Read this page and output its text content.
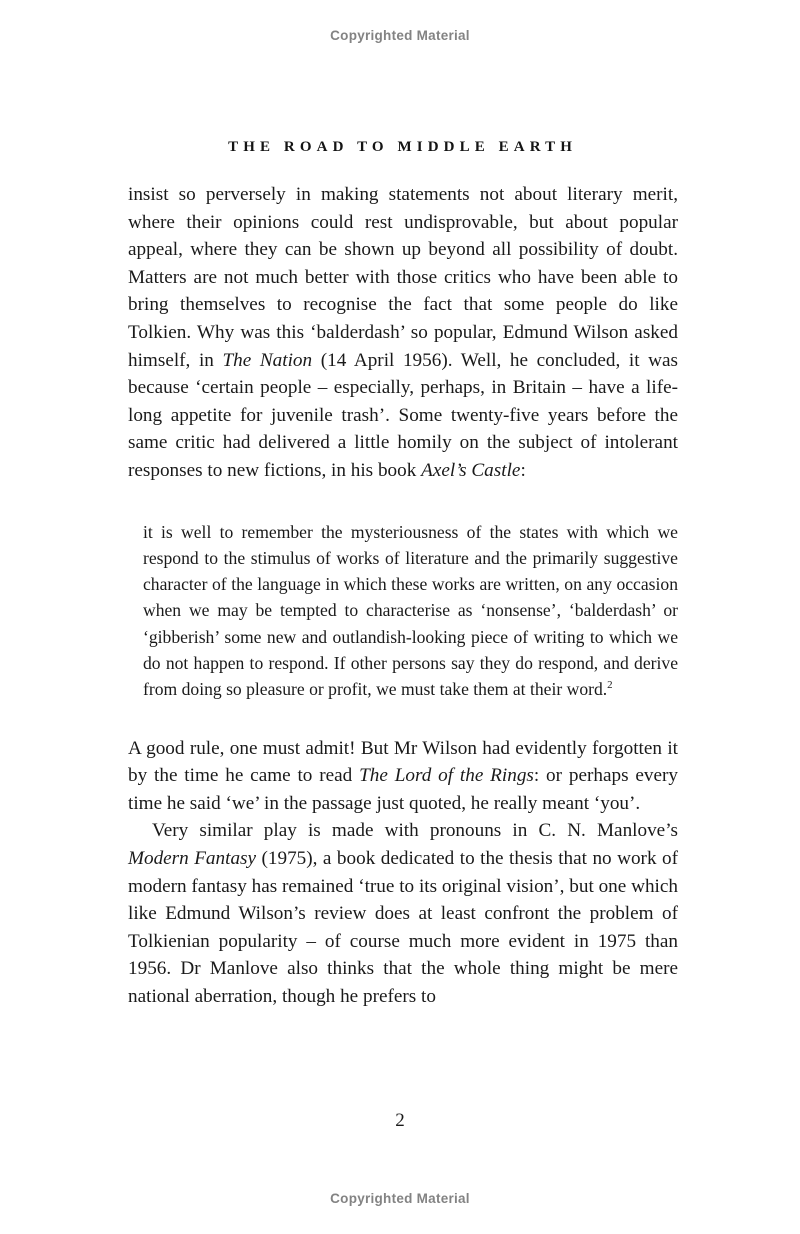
Copyrighted Material
THE ROAD TO MIDDLE EARTH

insist so perversely in making statements not about literary merit, where their opinions could rest undisprovable, but about popular appeal, where they can be shown up beyond all possibility of doubt. Matters are not much better with those critics who have been able to bring themselves to recognise the fact that some people do like Tolkien. Why was this ‘balderdash’ so popular, Edmund Wilson asked himself, in The Nation (14 April 1956). Well, he concluded, it was because ‘certain people – especially, perhaps, in Britain – have a life-long appetite for juvenile trash’. Some twenty-five years before the same critic had delivered a little homily on the subject of intolerant responses to new fictions, in his book Axel’s Castle:

it is well to remember the mysteriousness of the states with which we respond to the stimulus of works of literature and the primarily suggestive character of the language in which these works are written, on any occasion when we may be tempted to characterise as ‘nonsense’, ‘balderdash’ or ‘gibberish’ some new and outlandish-looking piece of writing to which we do not happen to respond. If other persons say they do respond, and derive from doing so pleasure or profit, we must take them at their word.$^2$

A good rule, one must admit! But Mr Wilson had evidently forgotten it by the time he came to read The Lord of the Rings: or perhaps every time he said ‘we’ in the passage just quoted, he really meant ‘you’.

Very similar play is made with pronouns in C. N. Manlove’s Modern Fantasy (1975), a book dedicated to the thesis that no work of modern fantasy has remained ‘true to its original vision’, but one which like Edmund Wilson’s review does at least confront the problem of Tolkienian popularity – of course much more evident in 1975 than 1956. Dr Manlove also thinks that the whole thing might be mere national aberration, though he prefers to

2
Copyrighted Material
